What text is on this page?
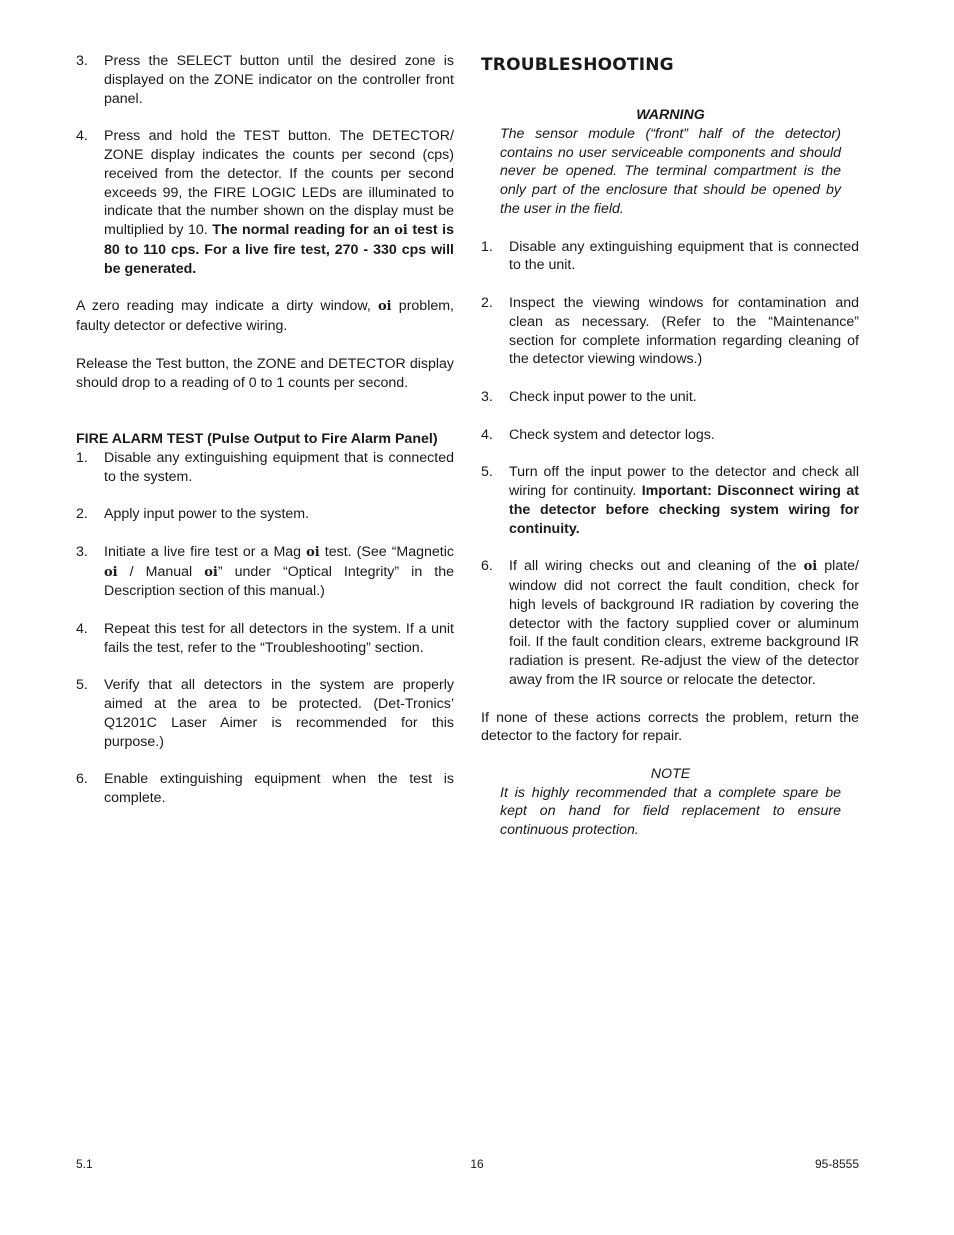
3.	Press the SELECT button until the desired zone is displayed on the ZONE indicator on the controller front panel.
4.	Press and hold the TEST button. The DETECTOR/ ZONE display indicates the counts per second (cps) received from the detector. If the counts per second exceeds 99, the FIRE LOGIC LEDs are illuminated to indicate that the number shown on the display must be multiplied by 10. The normal reading for an oi test is 80 to 110 cps. For a live fire test, 270 - 330 cps will be generated.

A zero reading may indicate a dirty window, oi problem, faulty detector or defective wiring.

Release the Test button, the ZONE and DETECTOR display should drop to a reading of 0 to 1 counts per second.

FIRE ALARM TEST (Pulse Output to Fire Alarm Panel)
1.	Disable any extinguishing equipment that is connected to the system.
2.	Apply input power to the system.
3.	Initiate a live fire test or a Mag oi test. (See “Magnetic oi / Manual oi” under “Optical Integrity” in the Description section of this manual.)
4.	Repeat this test for all detectors in the system. If a unit fails the test, refer to the “Troubleshooting” section.
5.	Verify that all detectors in the system are properly aimed at the area to be protected. (Det-Tronics’ Q1201C Laser Aimer is recommended for this purpose.)
6.	Enable extinguishing equipment when the test is complete.
TROUBLESHOOTING
WARNING

The sensor module (“front” half of the detector) contains no user serviceable components and should never be opened. The terminal compartment is the only part of the enclosure that should be opened by the user in the field.

1.	Disable any extinguishing equipment that is connected to the unit.
2.	Inspect the viewing windows for contamination and clean as necessary. (Refer to the “Maintenance” section for complete information regarding cleaning of the detector viewing windows.)
3.	Check input power to the unit.
4.	Check system and detector logs.
5.	Turn off the input power to the detector and check all wiring for continuity. Important: Disconnect wiring at the detector before checking system wiring for continuity.
6.	If all wiring checks out and cleaning of the oi plate/ window did not correct the fault condition, check for high levels of background IR radiation by covering the detector with the factory supplied cover or aluminum foil. If the fault condition clears, extreme background IR radiation is present. Re-adjust the view of the detector away from the IR source or relocate the detector.

If none of these actions corrects the problem, return the detector to the factory for repair.

NOTE

It is highly recommended that a complete spare be kept on hand for field replacement to ensure continuous protection.

5.1	16	95-8555
